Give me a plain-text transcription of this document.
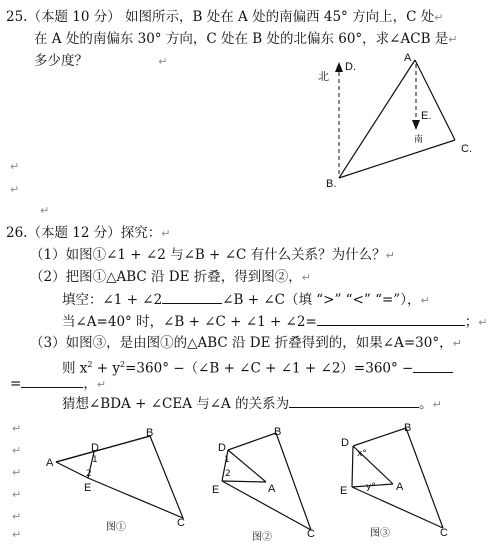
25.（本题 10 分） 如图所示，B 处在 A 处的南偏西 45° 方向上，C 处↵
在 A 处的南偏东 30° 方向，C 处在 B 处的北偏东 60°，求∠ACB 是↵
多少度？	↵
↵
↵
↵
26.（本题 12 分）探究：↵
（1）如图①∠1 + ∠2 与∠B + ∠C 有什么关系？为什么？↵
（2）把图①△ABC 沿 DE 折叠，得到图②，↵
填空：∠1 + ∠2	∠B + ∠C（填 “>” “<” “=”），↵
当∠A=40° 时，∠B + ∠C + ∠1 + ∠2=	；↵
（3）如图③，是由图①的△ABC 沿 DE 折叠得到的，如果∠A=30°，↵
则 $x^2 + y^2=360^\circ$ −（∠B + ∠C + ∠1 + ∠2）=360° −
=	，↵
猜想∠BDA + ∠CEA 与∠A 的关系为	。↵
↵
↵
↵
↵
↵
↵
北
D.
A
E.
南
C.
B.
A
D
E
B
C
1
2
图①
D
E	A
B
C
1
2
图②
D
E	A
B
C
x°
y°
图③
